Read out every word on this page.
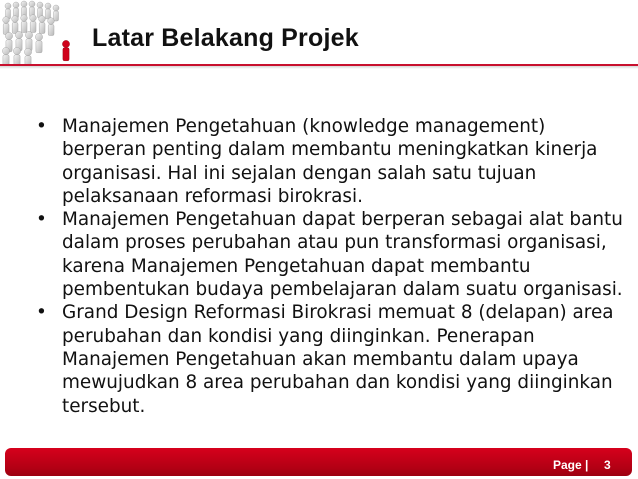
Latar Belakang Projek
• Manajemen Pengetahuan (knowledge management) berperan penting dalam membantu meningkatkan kinerja organisasi. Hal ini sejalan dengan salah satu tujuan pelaksanaan reformasi birokrasi.
• Manajemen Pengetahuan dapat berperan sebagai alat bantu dalam proses perubahan atau pun transformasi organisasi, karena Manajemen Pengetahuan dapat membantu pembentukan budaya pembelajaran dalam suatu organisasi.
• Grand Design Reformasi Birokrasi memuat 8 (delapan) area perubahan dan kondisi yang diinginkan. Penerapan Manajemen Pengetahuan akan membantu dalam upaya mewujudkan 8 area perubahan dan kondisi yang diinginkan tersebut.
Page | 3
